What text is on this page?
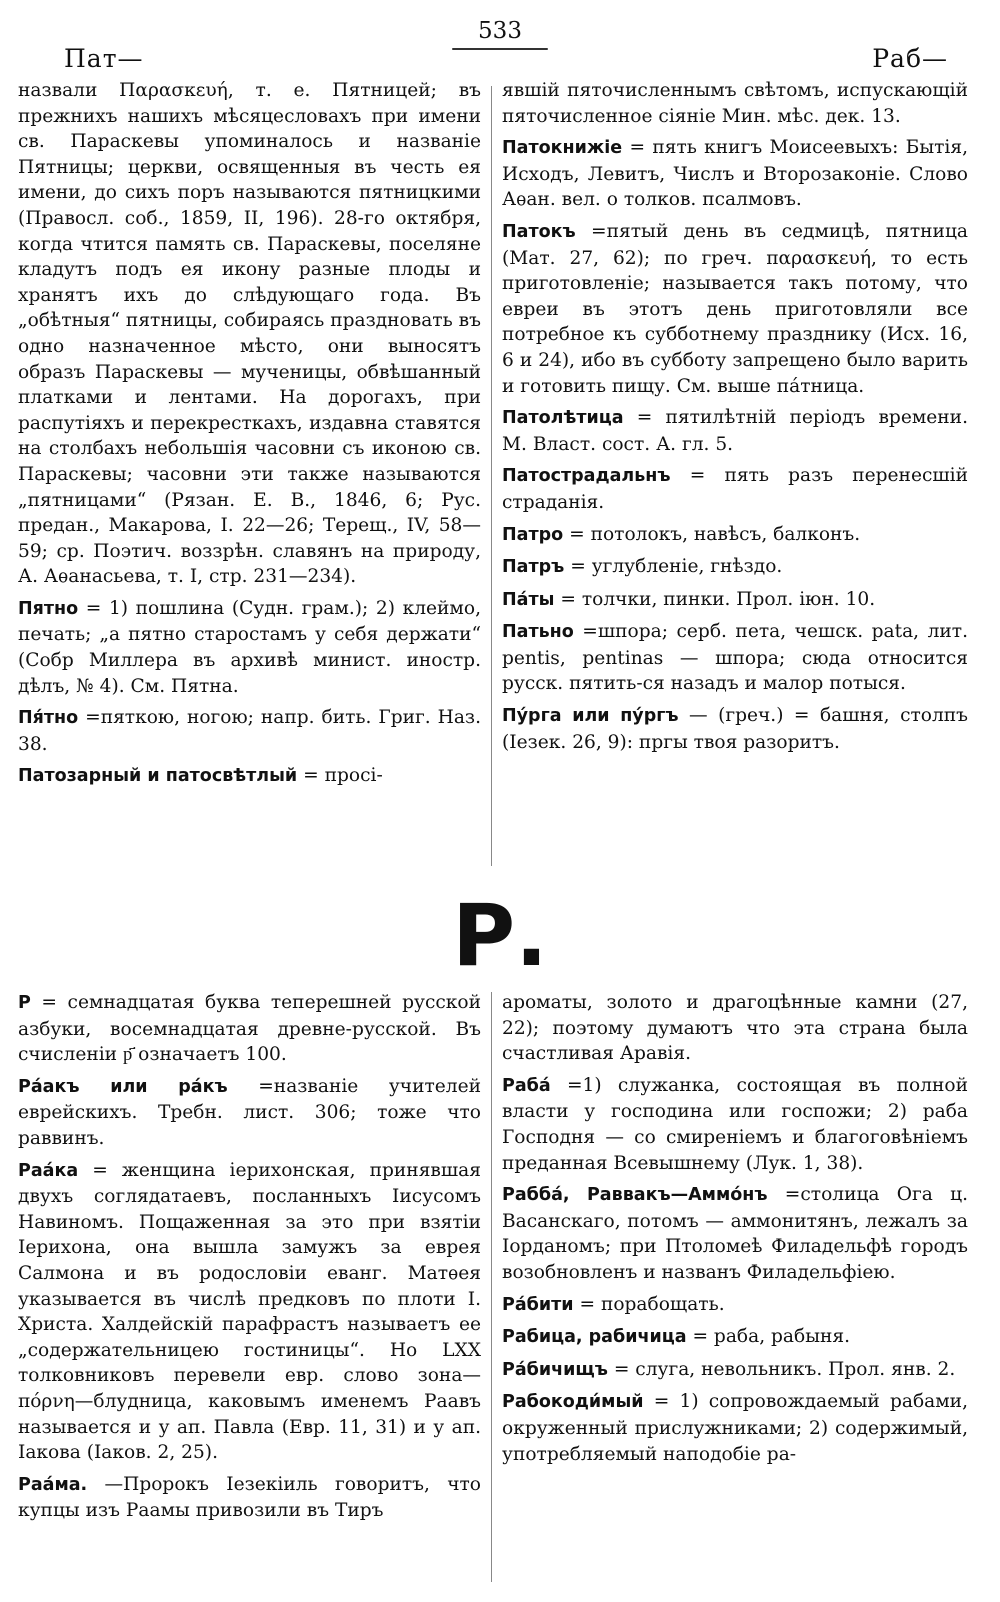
Пат—
533
Раб—

назвали Παρασκευή, т. е. Пятницей; въ прежнихъ нашихъ мѣсяцесловахъ при имени св. Параскевы упоминалось и названіе Пятницы; церкви, освященныя въ честь ея имени, до сихъ поръ называются пятницкими (Правосл. соб., 1859, II, 196). 28-го октября, когда чтится память св. Параскевы, поселяне кладутъ подъ ея икону разные плоды и хранятъ ихъ до слѣдующаго года. Въ „обѣтныя“ пятницы, собираясь праздновать въ одно назначенное мѣсто, они выносятъ образъ Параскевы — мученицы, обвѣшанный платками и лентами. На дорогахъ, при распутіяхъ и перекресткахъ, издавна ставятся на столбахъ небольшія часовни съ иконою св. Параскевы; часовни эти также называются „пятницами“ (Рязан. Е. В., 1846, 6; Рус. предан., Макарова, I. 22—26; Терещ., IV, 58—59; ср. Поэтич. воззрѣн. славянъ на природу, А. Аѳанасьева, т. I, стр. 231—234).

Пятно = 1) пошлина (Судн. грам.); 2) клеймо, печать; „а пятно старостамъ у себя держати“ (Собр Миллера въ архивѣ минист. иностр. дѣлъ, № 4). См. Пятна.

Пя́тно =пяткою, ногою; напр. бить. Григ. Наз. 38.

Патозарный и патосвѣтлый = просі-

явшій пяточисленнымъ свѣтомъ, испускающій пяточисленное сіяніе Мин. мѣс. дек. 13.

Патокнижіе = пять книгъ Моисеевыхъ: Бытія, Исходъ, Левитъ, Числъ и Второзаконіе. Слово Аѳан. вел. о толков. псалмовъ.

Патокъ =пятый день въ седмицѣ, пятница (Мат. 27, 62); по греч. παρασκευή, то есть приготовленіе; называется такъ потому, что евреи въ этотъ день приготовляли все потребное къ субботнему празднику (Исх. 16, 6 и 24), ибо въ субботу запрещено было варить и готовить пищу. См. выше па́тница.

Патолѣтица = пятилѣтній періодъ времени. М. Власт. сост. А. гл. 5.

Патострадальнъ = пять разъ перенесшій страданія.

Патро = потолокъ, навѣсъ, балконъ.

Патръ = углубленіе, гнѣздо.

Па́ты = толчки, пинки. Прол. іюн. 10.

Патьно =шпора; серб. пета, чешск. pata, лит. pentis, pentinas — шпора; сюда относится русск. пятить-ся назадъ и малор потыся.

Пу́рга или пу́ргъ — (греч.) = башня, столпъ (Іезек. 26, 9): пргы твоя разоритъ.

Р.

Р = семнадцатая буква теперешней русской азбуки, восемнадцатая древне-русской. Въ счисленіи р҃ означаетъ 100.

Ра́акъ или ра́къ =названіе учителей еврейскихъ. Требн. лист. 306; тоже что раввинъ.

Раа́ка = женщина іерихонская, принявшая двухъ соглядатаевъ, посланныхъ Іисусомъ Навиномъ. Пощаженная за это при взятіи Іерихона, она вышла замужъ за еврея Салмона и въ родословіи еванг. Матѳея указывается въ числѣ предковъ по плоти І. Христа. Халдейскій парафрастъ называетъ ее „содержательницею гостиницы“. Но LXX толковниковъ перевели евр. слово зона—πόρνη—блудница, каковымъ именемъ Раавъ называется и у ап. Павла (Евр. 11, 31) и у ап. Іакова (Іаков. 2, 25).

Раа́ма. —Пророкъ Іезекіиль говоритъ, что купцы изъ Раамы привозили въ Тиръ

ароматы, золото и драгоцѣнные камни (27, 22); поэтому думаютъ что эта страна была счастливая Аравія.

Раба́ =1) служанка, состоящая въ полной власти у господина или госпожи; 2) раба Господня — со смиреніемъ и благоговѣніемъ преданная Всевышнему (Лук. 1, 38).

Рабба́, Раввакъ—Аммо́нъ =столица Ога ц. Васанскаго, потомъ — аммонитянъ, лежалъ за Іорданомъ; при Птоломеѣ Филадельфѣ городъ возобновленъ и названъ Филадельфіею.

Ра́бити = порабощать.

Рабица, рабичица = раба, рабыня.

Ра́бичищъ = слуга, невольникъ. Прол. янв. 2.

Рабокоди́мый = 1) сопровождаемый рабами, окруженный прислужниками; 2) содержимый, употребляемый наподобіе ра-
